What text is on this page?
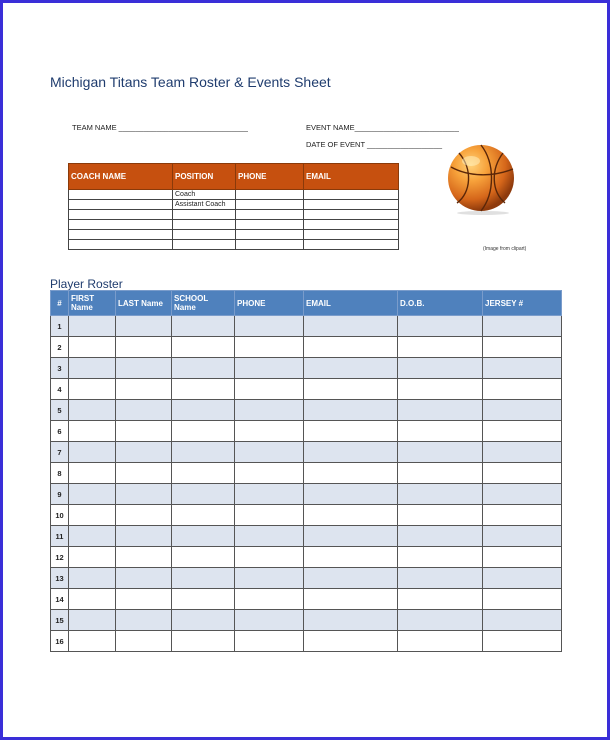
Michigan Titans Team Roster & Events Sheet
TEAM NAME _______________________________	EVENT NAME_________________________
DATE OF EVENT __________________
COACH NAME	POSITION	PHONE	EMAIL
	Coach		
	Assistant Coach		

(Image from clipart)
Player Roster
#	FIRST Name	LAST Name	SCHOOL Name	PHONE	EMAIL	D.O.B.	JERSEY #
1							
2							
3							
4							
5							
6							
7							
8							
9							
10							
11							
12							
13							
14							
15							
16							
